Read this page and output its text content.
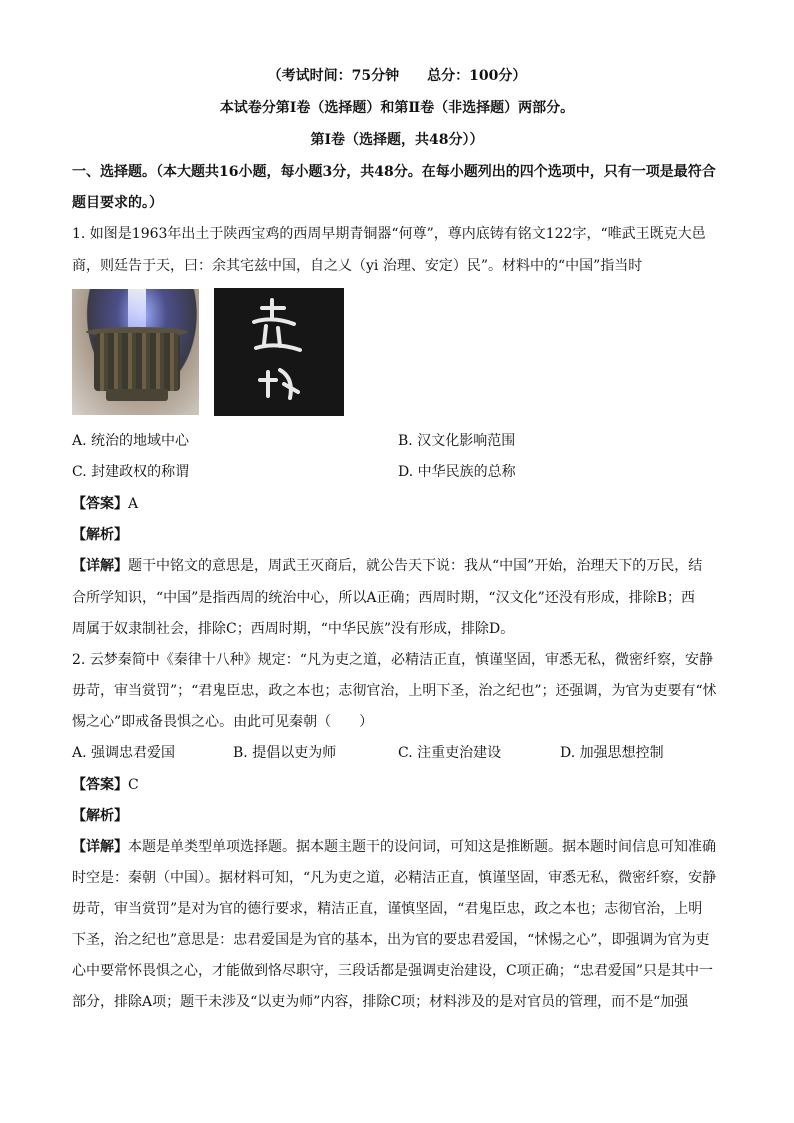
（考试时间：75分钟　　总分：100分）
本试卷分第Ⅰ卷（选择题）和第Ⅱ卷（非选择题）两部分。
第Ⅰ卷（选择题，共48分））
一、选择题。（本大题共16小题，每小题3分，共48分。在每小题列出的四个选项中，只有一项是最符合
题目要求的。）
1. 如图是1963年出土于陕西宝鸡的西周早期青铜器“何尊”，尊内底铸有铭文122字，“唯武王既克大邑
商，则廷告于天，曰：余其宅兹中国，自之乂（yi 治理、安定）民”。材料中的“中国”指当时
A. 统治的地域中心	B. 汉文化影响范围
C. 封建政权的称谓	D. 中华民族的总称
【答案】A
【解析】
【详解】题干中铭文的意思是，周武王灭商后，就公告天下说：我从“中国”开始，治理天下的万民，结
合所学知识，“中国”是指西周的统治中心，所以A正确；西周时期，“汉文化”还没有形成，排除B；西
周属于奴隶制社会，排除C；西周时期，“中华民族”没有形成，排除D。
2. 云梦秦简中《秦律十八种》规定：“凡为吏之道，必精洁正直，慎谨坚固，审悉无私，微密纤察，安静
毋苛，审当赏罚”；“君鬼臣忠，政之本也；志彻官治，上明下圣，治之纪也”；还强调，为官为吏要有“怵
惕之心”即戒备畏惧之心。由此可见秦朝（　　）
A. 强调忠君爱国	B. 提倡以吏为师	C. 注重吏治建设	D. 加强思想控制
【答案】C
【解析】
【详解】本题是单类型单项选择题。据本题主题干的设问词，可知这是推断题。据本题时间信息可知准确
时空是：秦朝（中国）。据材料可知，“凡为吏之道，必精洁正直，慎谨坚固，审悉无私，微密纤察，安静
毋苛，审当赏罚”是对为官的德行要求，精洁正直，谨慎坚固，“君鬼臣忠，政之本也；志彻官治，上明
下圣，治之纪也”意思是：忠君爱国是为官的基本，出为官的要忠君爱国，“怵惕之心”，即强调为官为吏
心中要常怀畏惧之心，才能做到恪尽职守，三段话都是强调吏治建设，C项正确；“忠君爱国”只是其中一
部分，排除A项；题干未涉及“以吏为师”内容，排除C项；材料涉及的是对官员的管理，而不是“加强
